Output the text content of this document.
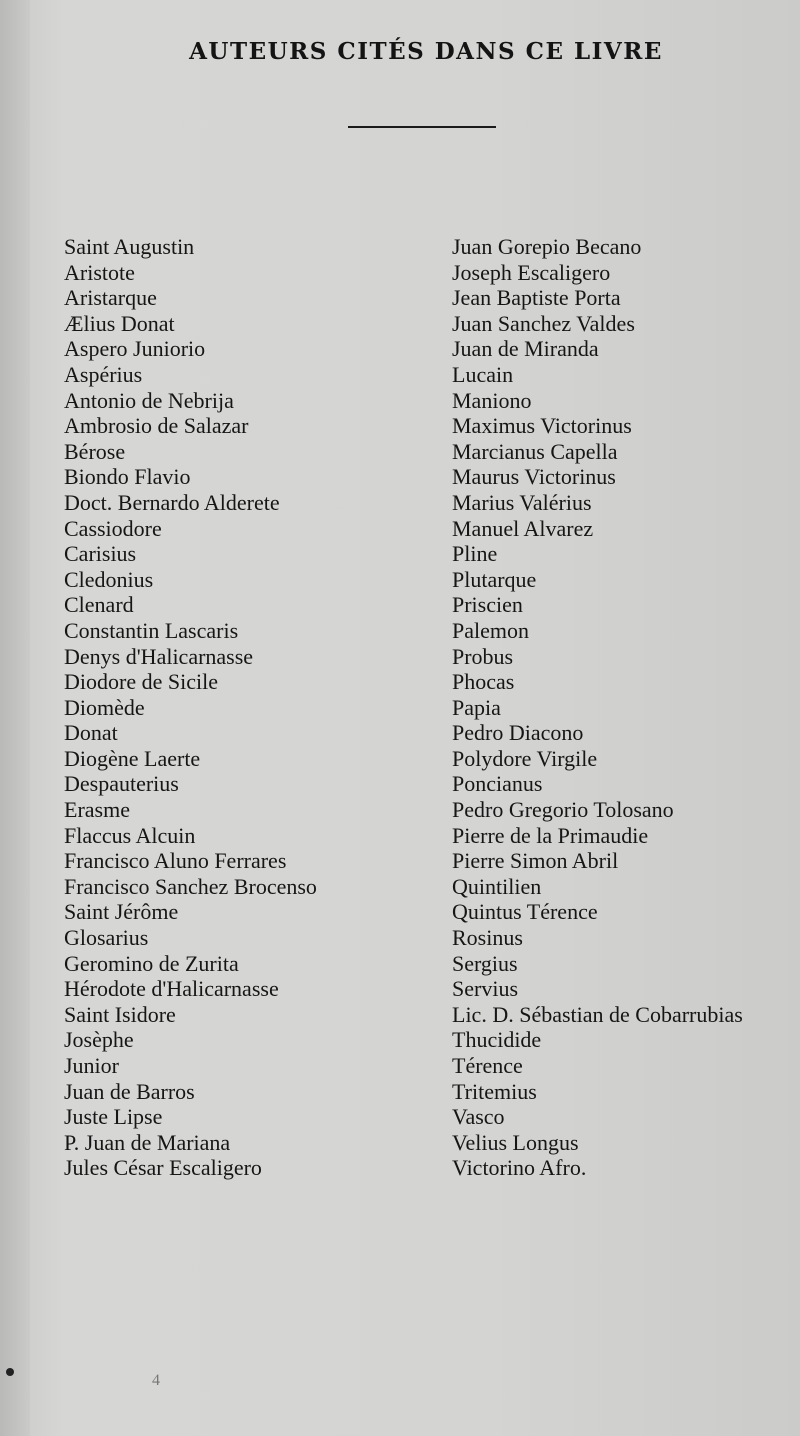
AUTEURS CITÉS DANS CE LIVRE
Saint Augustin
Aristote
Aristarque
Ælius Donat
Aspero Juniorio
Aspérius
Antonio de Nebrija
Ambrosio de Salazar
Bérose
Biondo Flavio
Doct. Bernardo Alderete
Cassiodore
Carisius
Cledonius
Clenard
Constantin Lascaris
Denys d'Halicarnasse
Diodore de Sicile
Diomède
Donat
Diogène Laerte
Despauterius
Erasme
Flaccus Alcuin
Francisco Aluno Ferrares
Francisco Sanchez Brocenso
Saint Jérôme
Glosarius
Geromino de Zurita
Hérodote d'Halicarnasse
Saint Isidore
Josèphe
Junior
Juan de Barros
Juste Lipse
P. Juan de Mariana
Jules César Escaligero
Juan Gorepio Becano
Joseph Escaligero
Jean Baptiste Porta
Juan Sanchez Valdes
Juan de Miranda
Lucain
Maniono
Maximus Victorinus
Marcianus Capella
Maurus Victorinus
Marius Valérius
Manuel Alvarez
Pline
Plutarque
Priscien
Palemon
Probus
Phocas
Papia
Pedro Diacono
Polydore Virgile
Poncianus
Pedro Gregorio Tolosano
Pierre de la Primaudie
Pierre Simon Abril
Quintilien
Quintus Térence
Rosinus
Sergius
Servius
Lic. D. Sébastian de Cobarrubias
Thucidide
Térence
Tritemius
Vasco
Velius Longus
Victorino Afro.
4
